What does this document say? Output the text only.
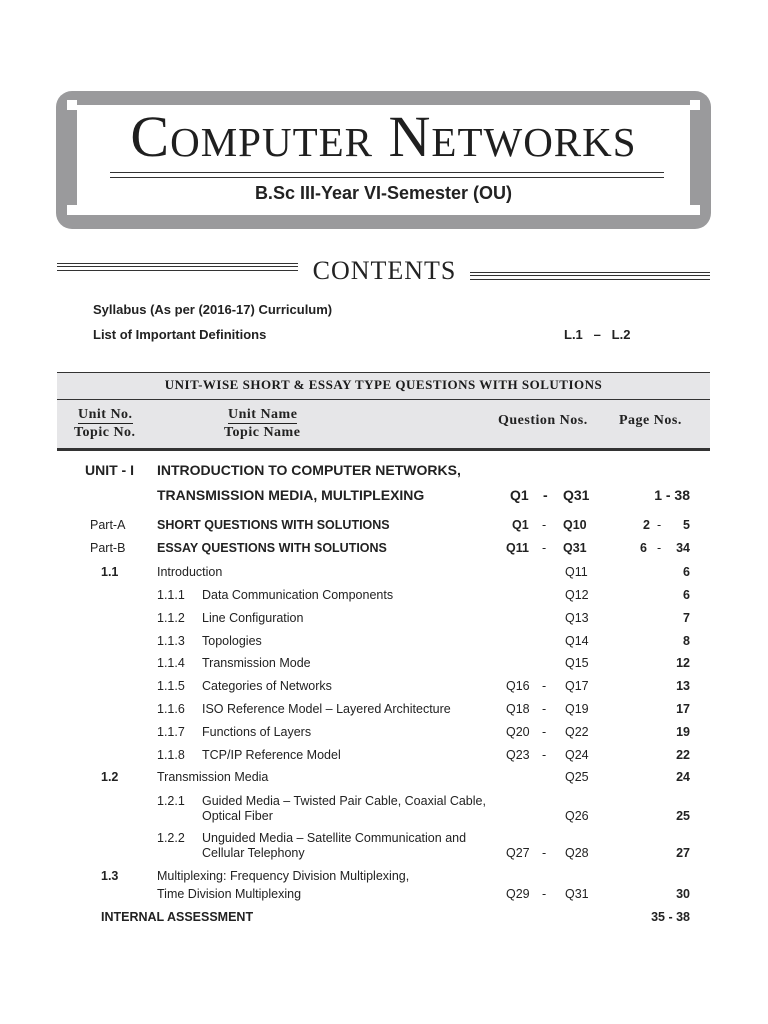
Computer Networks
B.Sc III-Year VI-Semester (OU)
CONTENTS
Syllabus (As per (2016-17) Curriculum)
List of Important Definitions	L.1   –   L.2
UNIT-WISE SHORT & ESSAY TYPE QUESTIONS WITH SOLUTIONS
Unit No.
Topic No.
Unit Name
Topic Name
Question Nos. Page Nos.
UNIT - I INTRODUCTION TO COMPUTER NETWORKS,
TRANSMISSION MEDIA, MULTIPLEXING	Q1 - Q31	1 - 38
Part-A	SHORT QUESTIONS WITH SOLUTIONS	Q1 - Q10	2 -	5
Part-B	ESSAY QUESTIONS WITH SOLUTIONS	Q11 - Q31	6 -	34
1.1	Introduction	Q11	6
1.1.1 Data Communication Components	Q12	6
1.1.2 Line Configuration	Q13	7
1.1.3 Topologies	Q14	8
1.1.4 Transmission Mode	Q15	12
1.1.5 Categories of Networks	Q16 - Q17	13
1.1.6 ISO Reference Model – Layered Architecture	Q18 - Q19	17
1.1.7 Functions of Layers	Q20 - Q22	19
1.1.8 TCP/IP Reference Model	Q23 - Q24	22
1.2	Transmission Media	Q25	24
1.2.1 Guided Media – Twisted Pair Cable, Coaxial Cable,
Optical Fiber	Q26	25
1.2.2 Unguided Media – Satellite Communication and
Cellular Telephony	Q27 - Q28	27
1.3	Multiplexing: Frequency Division Multiplexing,
Time Division Multiplexing	Q29 - Q31	30
INTERNAL ASSESSMENT	35 - 38
